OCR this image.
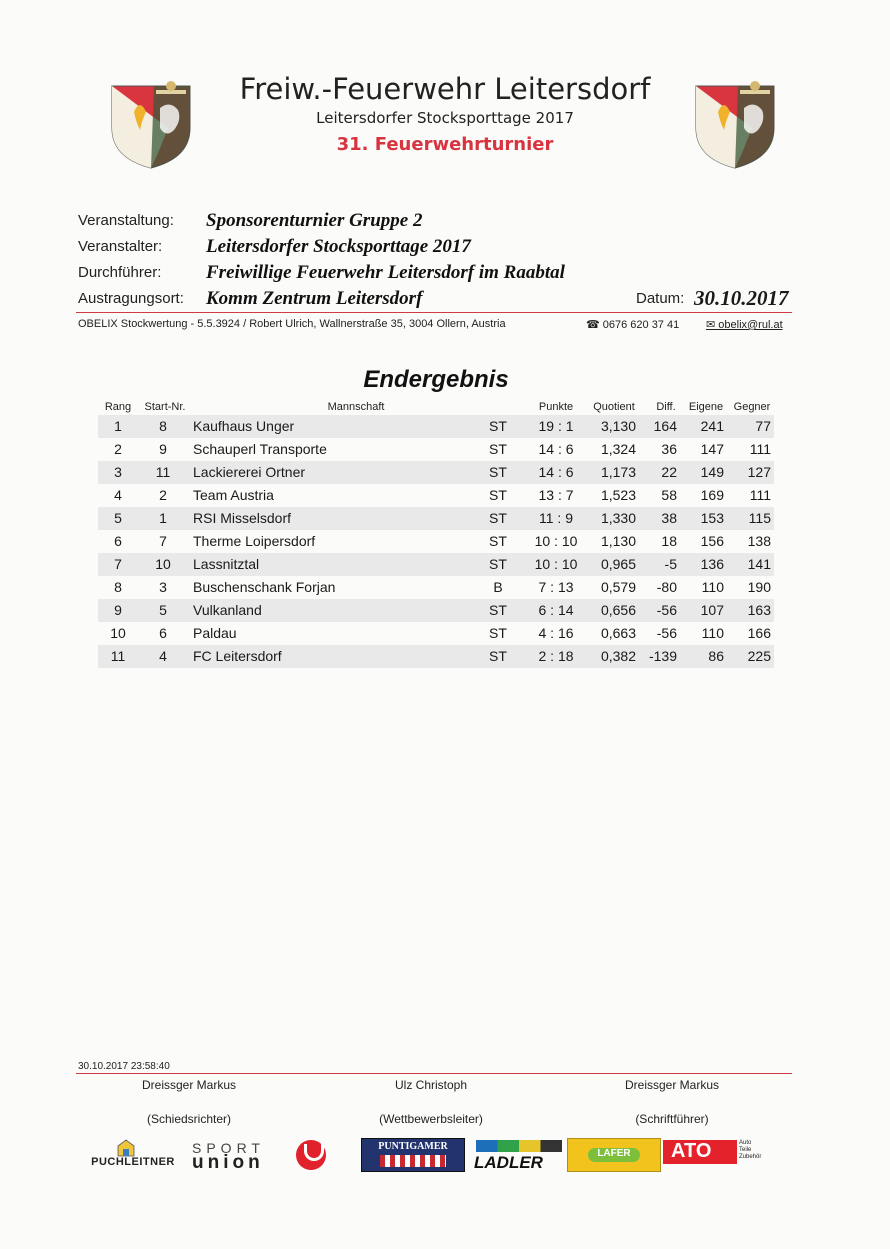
Freiw.-Feuerwehr Leitersdorf
Leitersdorfer Stocksporttage 2017
31. Feuerwehrturnier
Veranstaltung: Sponsorenturnier Gruppe 2
Veranstalter: Leitersdorfer Stocksporttage 2017
Durchführer: Freiwillige Feuerwehr Leitersdorf im Raabtal
Austragungsort: Komm Zentrum Leitersdorf	Datum: 30.10.2017
OBELIX Stockwertung - 5.5.3924 / Robert Ulrich, Wallnerstraße 35, 3004 Ollern, Austria	☎ 0676 620 37 41 ✉ obelix@rul.at
Endergebnis
Rang	Start-Nr.	Mannschaft	Punkte	Quotient	Diff.	Eigene Gegner
1	8	Kaufhaus Unger	ST	19 : 1	3,130	164	241	77
2	9	Schauperl Transporte	ST	14 : 6	1,324	36	147	111
3	11	Lackiererei Ortner	ST	14 : 6	1,173	22	149	127
4	2	Team Austria	ST	13 : 7	1,523	58	169	111
5	1	RSI Misselsdorf	ST	11 : 9	1,330	38	153	115
6	7	Therme Loipersdorf	ST	10 : 10	1,130	18	156	138
7	10	Lassnitztal	ST	10 : 10	0,965	-5	136	141
8	3	Buschenschank Forjan	B	7 : 13	0,579	-80	110	190
9	5	Vulkanland	ST	6 : 14	0,656	-56	107	163
10	6	Paldau	ST	4 : 16	0,663	-56	110	166
11	4	FC Leitersdorf	ST	2 : 18	0,382 -139	86	225
30.10.2017 23:58:40
Dreissger Markus
(Schiedsrichter)
Ulz Christoph
(Wettbewerbsleiter)
Dreissger Markus
(Schriftführer)
PUCHLEITNER
SPORT
union
PUNTIGAMER
LADLER	LAFER	ATO	Auto Teile Zubehör
